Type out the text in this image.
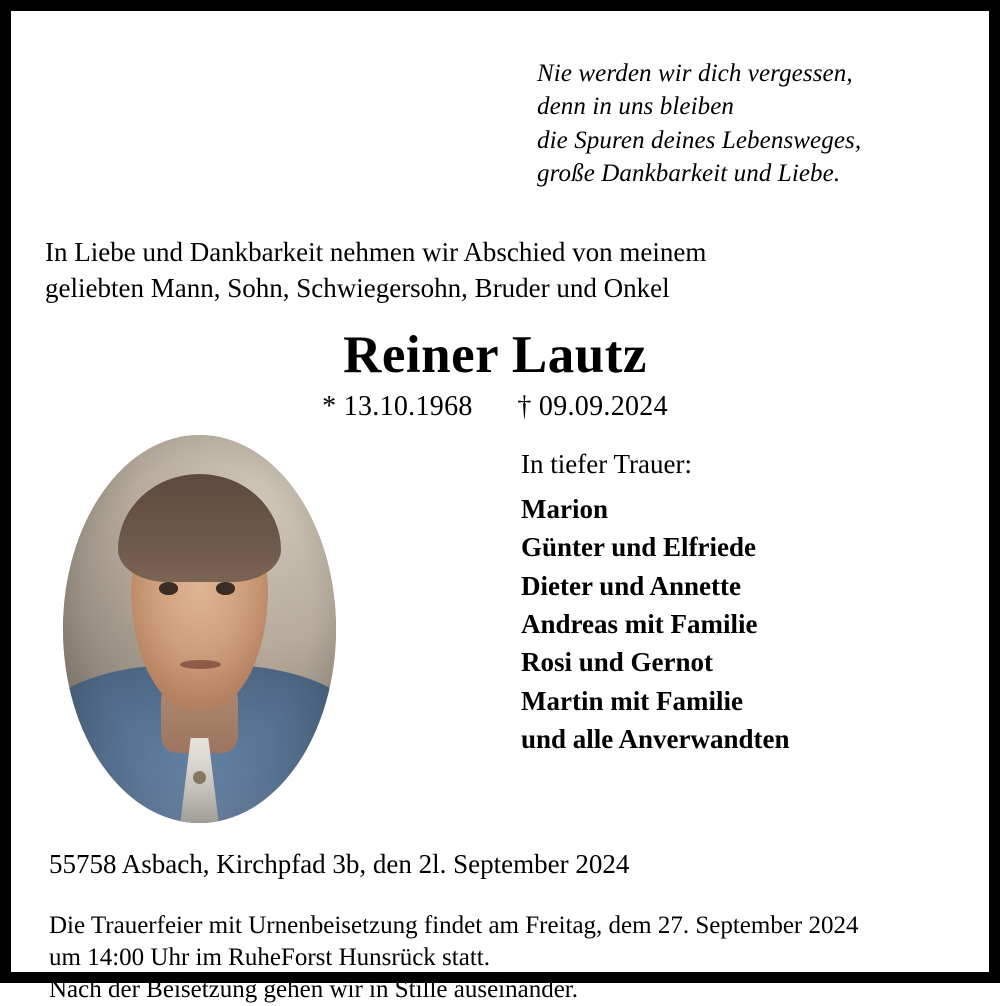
Nie werden wir dich vergessen,
denn in uns bleiben
die Spuren deines Lebensweges,
große Dankbarkeit und Liebe.
In Liebe und Dankbarkeit nehmen wir Abschied von meinem
geliebten Mann, Sohn, Schwiegersohn, Bruder und Onkel
Reiner Lautz
* 13.10.1968 † 09.09.2024
In tiefer Trauer:
Marion
Günter und Elfriede
Dieter und Annette
Andreas mit Familie
Rosi und Gernot
Martin mit Familie
und alle Anverwandten
55758 Asbach, Kirchpfad 3b, den 2l. September 2024
Die Trauerfeier mit Urnenbeisetzung findet am Freitag, dem 27. September 2024
um 14:00 Uhr im RuheForst Hunsrück statt.
Nach der Beisetzung gehen wir in Stille auseinander.
